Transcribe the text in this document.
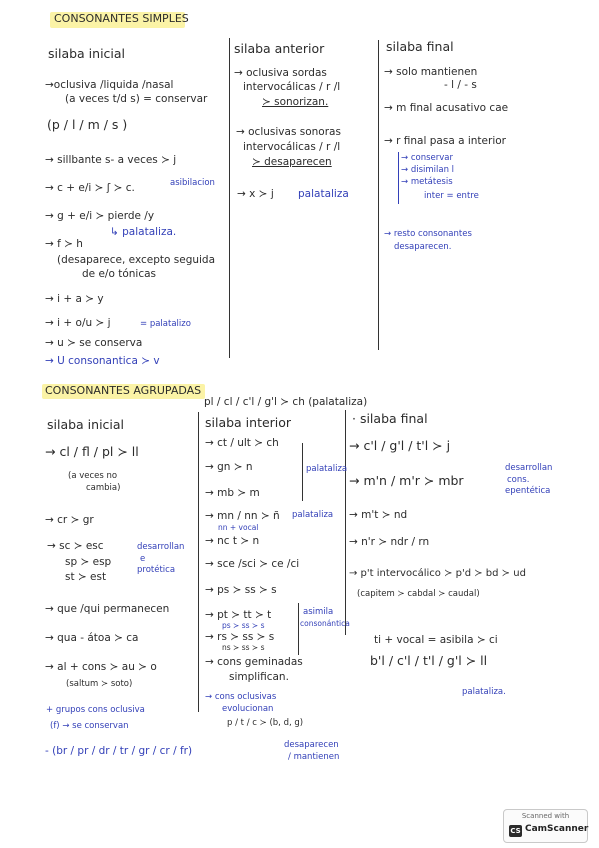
CONSONANTES SIMPLES
silaba inicial
→oclusiva /liquida /nasal
(a veces t/d s) = conservar
(p / l / m / s )
→ sillbante s- a veces ≻ j
→ c + e/i ≻ ʃ ≻ c.	asibilacion
→ g + e/i ≻ pierde /y
↳ palataliza.
→ f ≻ h
(desaparece, excepto seguida
de e/o tónicas
→ i + a ≻ y
→ i + o/u ≻ j	= palatalizo
→ u ≻ se conserva
→ U consonantica ≻ v
silaba anterior
→ oclusiva sordas
intervocálicas / r /l
≻ sonorizan.
→ oclusivas sonoras
intervocálicas / r /l
≻ desaparecen
→ x ≻ j palataliza
silaba final
→ solo mantienen
- l / - s
→ m final acusativo cae
→ r final pasa a interior
→ conservar
→ disimilan l
→ metátesis
inter = entre
→ resto consonantes
desaparecen.
CONSONANTES AGRUPADAS
pl / cl / c'l / g'l ≻ ch (palataliza)
silaba inicial
→ cl / fl / pl ≻ ll
(a veces no
cambia)
→ cr ≻ gr
→ sc ≻ esc
sp ≻ esp
st ≻ est
desarrollan
e
protética
→ que /qui permanecen
→ qua - átoa ≻ ca
→ al + cons ≻ au ≻ o
(saltum ≻ soto)
+ grupos cons oclusiva
(f) → se conservan
- (br / pr / dr / tr / gr / cr / fr)
silaba interior
→ ct / ult ≻ ch
→ gn ≻ n
→ mb ≻ m
palataliza
→ mn / nn ≻ ñ palataliza
nn + vocal
→ nc t ≻ n
→ sce /sci ≻ ce /ci
→ ps ≻ ss ≻ s
→ pt ≻ tt ≻ t
ps ≻ ss ≻ s
→ rs ≻ ss ≻ s
ns ≻ ss ≻ s
asimila
consonántica
→ cons geminadas
simplifican.
→ cons oclusivas
evolucionan
p / t / c ≻ (b, d, g)
desaparecen
/ mantienen
· silaba final
→ c'l / g'l / t'l ≻ j
→ m'n / m'r ≻ mbr
desarrollan
cons.
epentética
→ m't ≻ nd
→ n'r ≻ ndr / rn
→ p't intervocálico ≻ p'd ≻ bd ≻ ud
(capitem ≻ cabdal ≻ caudal)
ti + vocal = asibila ≻ ci
b'l / c'l / t'l / g'l ≻ ll
palataliza.
Scanned with
CS CamScanner
